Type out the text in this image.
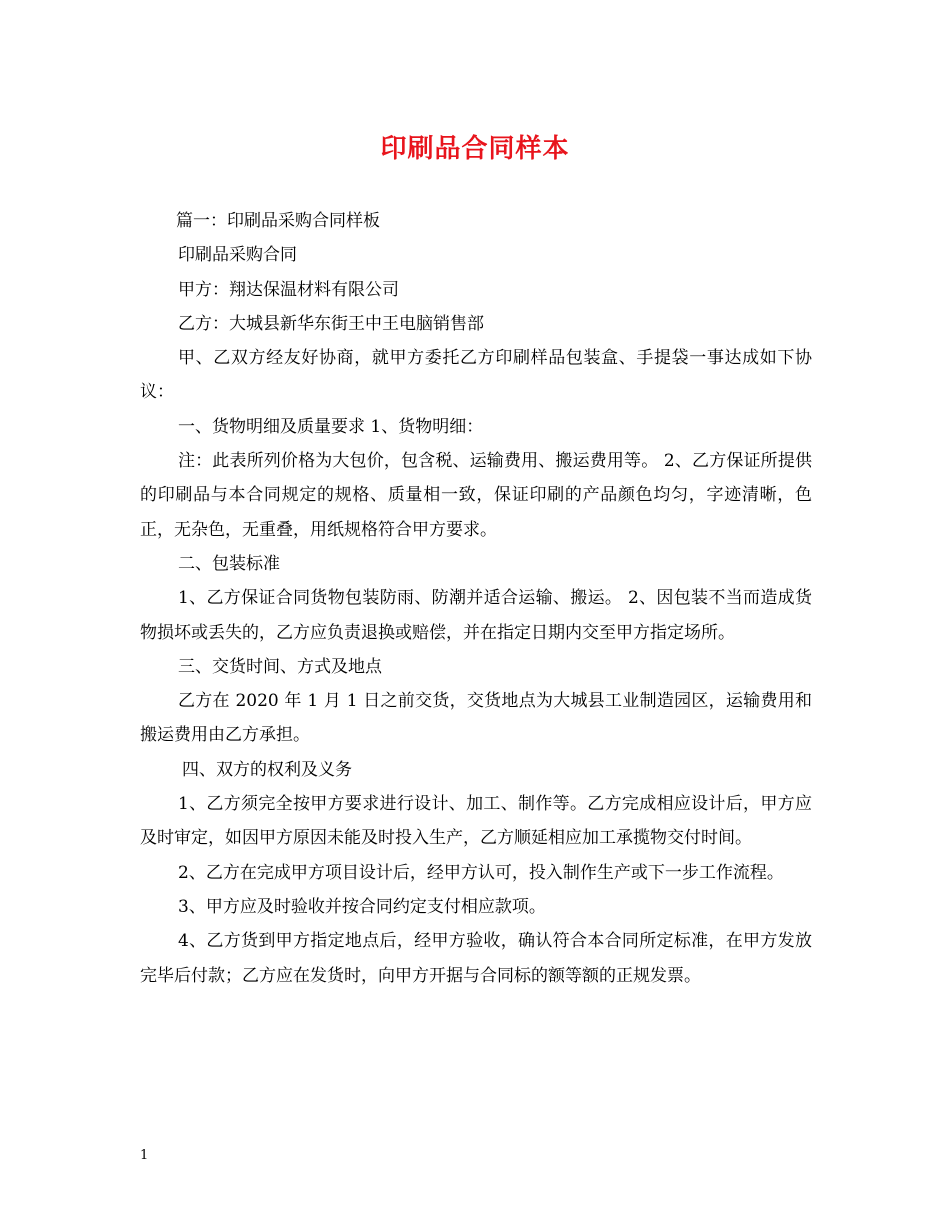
印刷品合同样本

篇一：印刷品采购合同样板

印刷品采购合同

甲方：翔达保温材料有限公司

乙方：大城县新华东街王中王电脑销售部

甲、乙双方经友好协商，就甲方委托乙方印刷样品包装盒、手提袋一事达成如下协议：

一、货物明细及质量要求 1、货物明细：

注：此表所列价格为大包价，包含税、运输费用、搬运费用等。 2、乙方保证所提供的印刷品与本合同规定的规格、质量相一致，保证印刷的产品颜色均匀，字迹清晰，色正，无杂色，无重叠，用纸规格符合甲方要求。

二、包装标准

1、乙方保证合同货物包装防雨、防潮并适合运输、搬运。 2、因包装不当而造成货物损坏或丢失的，乙方应负责退换或赔偿，并在指定日期内交至甲方指定场所。

三、交货时间、方式及地点

乙方在 2020 年 1 月 1 日之前交货，交货地点为大城县工业制造园区，运输费用和搬运费用由乙方承担。

四、双方的权利及义务

1、乙方须完全按甲方要求进行设计、加工、制作等。乙方完成相应设计后，甲方应及时审定，如因甲方原因未能及时投入生产，乙方顺延相应加工承揽物交付时间。

2、乙方在完成甲方项目设计后，经甲方认可，投入制作生产或下一步工作流程。

3、甲方应及时验收并按合同约定支付相应款项。

4、乙方货到甲方指定地点后，经甲方验收，确认符合本合同所定标准，在甲方发放完毕后付款；乙方应在发货时，向甲方开据与合同标的额等额的正规发票。

1
